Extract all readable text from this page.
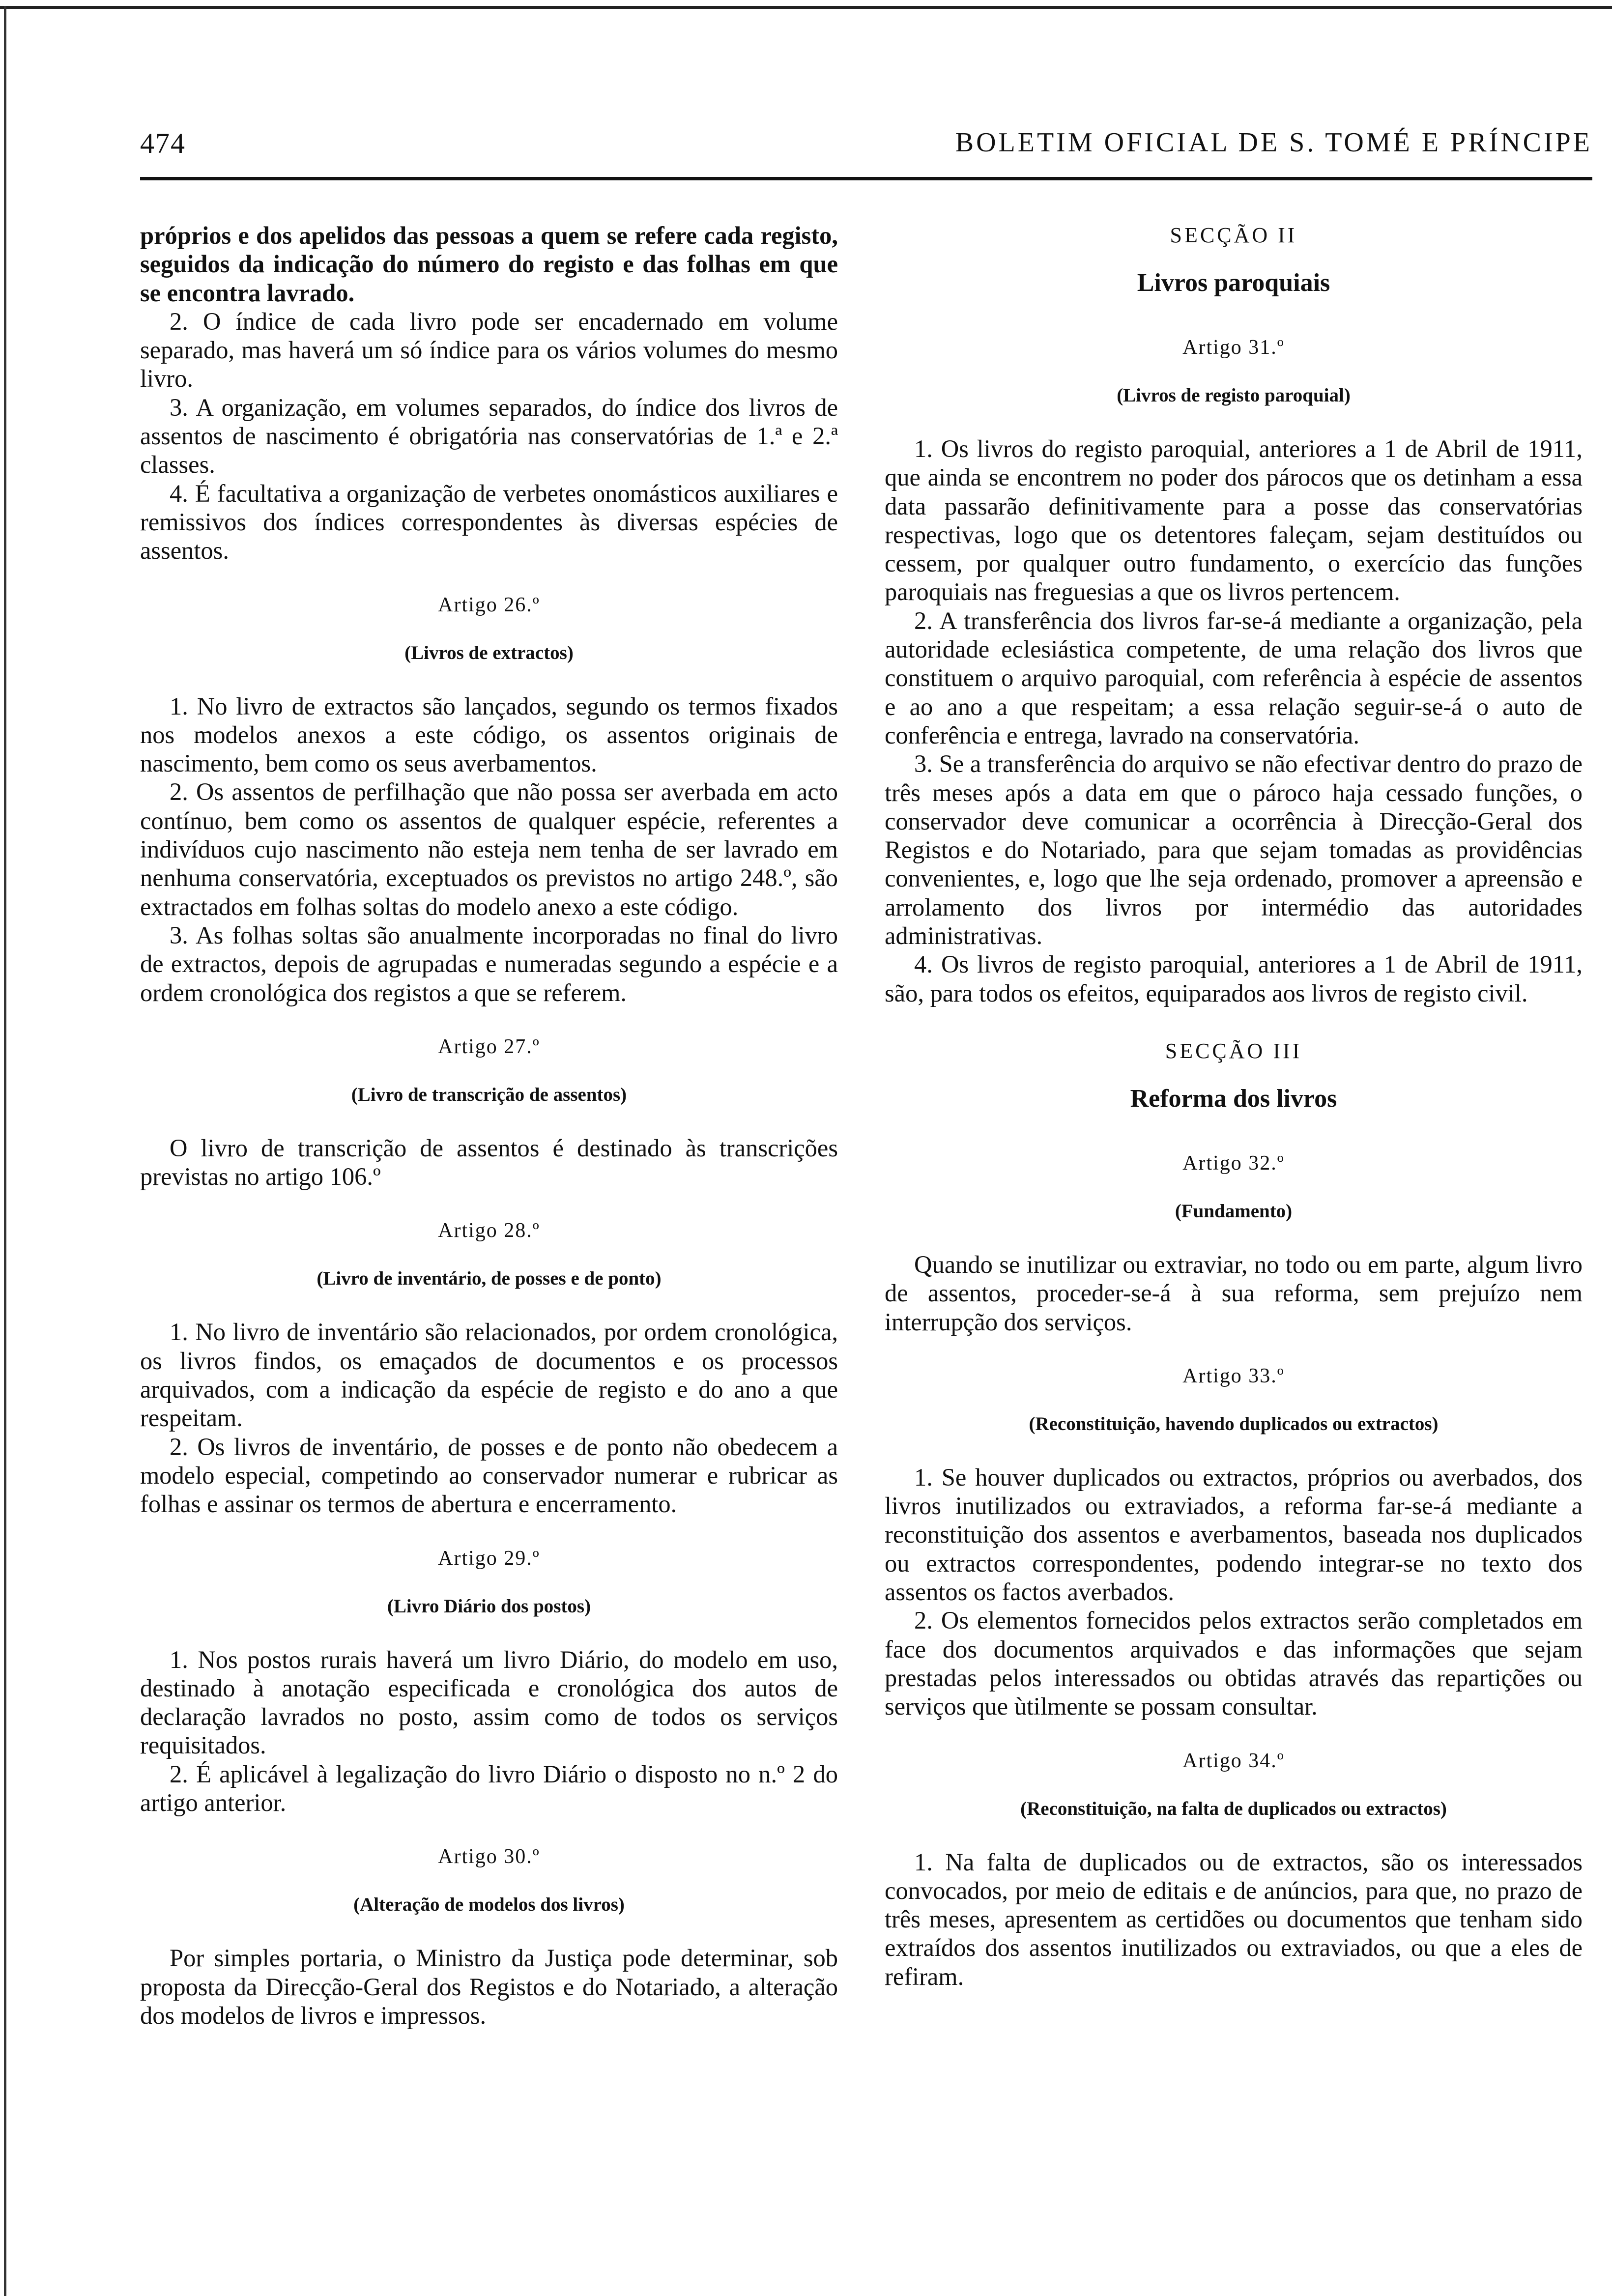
474	BOLETIM OFICIAL DE S. TOMÉ E PRÍNCIPE

próprios e dos apelidos das pessoas a quem se refere cada registo, seguidos da indicação do número do registo e das folhas em que se encontra lavrado.

2. O índice de cada livro pode ser encadernado em volume separado, mas haverá um só índice para os vários volumes do mesmo livro.

3. A organização, em volumes separados, do índice dos livros de assentos de nascimento é obrigatória nas conservatórias de 1.ª e 2.ª classes.

4. É facultativa a organização de verbetes onomásticos auxiliares e remissivos dos índices correspondentes às diversas espécies de assentos.

Artigo 26.º

(Livros de extractos)

1. No livro de extractos são lançados, segundo os termos fixados nos modelos anexos a este código, os assentos originais de nascimento, bem como os seus averbamentos.

2. Os assentos de perfilhação que não possa ser averbada em acto contínuo, bem como os assentos de qualquer espécie, referentes a indivíduos cujo nascimento não esteja nem tenha de ser lavrado em nenhuma conservatória, exceptuados os previstos no artigo 248.º, são extractados em folhas soltas do modelo anexo a este código.

3. As folhas soltas são anualmente incorporadas no final do livro de extractos, depois de agrupadas e numeradas segundo a espécie e a ordem cronológica dos registos a que se referem.

Artigo 27.º

(Livro de transcrição de assentos)

O livro de transcrição de assentos é destinado às transcrições previstas no artigo 106.º

Artigo 28.º

(Livro de inventário, de posses e de ponto)

1. No livro de inventário são relacionados, por ordem cronológica, os livros findos, os emaçados de documentos e os processos arquivados, com a indicação da espécie de registo e do ano a que respeitam.

2. Os livros de inventário, de posses e de ponto não obedecem a modelo especial, competindo ao conservador numerar e rubricar as folhas e assinar os termos de abertura e encerramento.

Artigo 29.º

(Livro Diário dos postos)

1. Nos postos rurais haverá um livro Diário, do modelo em uso, destinado à anotação especificada e cronológica dos autos de declaração lavrados no posto, assim como de todos os serviços requisitados.

2. É aplicável à legalização do livro Diário o disposto no n.º 2 do artigo anterior.

Artigo 30.º

(Alteração de modelos dos livros)

Por simples portaria, o Ministro da Justiça pode determinar, sob proposta da Direcção-Geral dos Registos e do Notariado, a alteração dos modelos de livros e impressos.

SECÇÃO II

Livros paroquiais

Artigo 31.º

(Livros de registo paroquial)

1. Os livros do registo paroquial, anteriores a 1 de Abril de 1911, que ainda se encontrem no poder dos párocos que os detinham a essa data passarão definitivamente para a posse das conservatórias respectivas, logo que os detentores faleçam, sejam destituídos ou cessem, por qualquer outro fundamento, o exercício das funções paroquiais nas freguesias a que os livros pertencem.

2. A transferência dos livros far-se-á mediante a organização, pela autoridade eclesiástica competente, de uma relação dos livros que constituem o arquivo paroquial, com referência à espécie de assentos e ao ano a que respeitam; a essa relação seguir-se-á o auto de conferência e entrega, lavrado na conservatória.

3. Se a transferência do arquivo se não efectivar dentro do prazo de três meses após a data em que o pároco haja cessado funções, o conservador deve comunicar a ocorrência à Direcção-Geral dos Registos e do Notariado, para que sejam tomadas as providências convenientes, e, logo que lhe seja ordenado, promover a apreensão e arrolamento dos livros por intermédio das autoridades administrativas.

4. Os livros de registo paroquial, anteriores a 1 de Abril de 1911, são, para todos os efeitos, equiparados aos livros de registo civil.

SECÇÃO III

Reforma dos livros

Artigo 32.º

(Fundamento)

Quando se inutilizar ou extraviar, no todo ou em parte, algum livro de assentos, proceder-se-á à sua reforma, sem prejuízo nem interrupção dos serviços.

Artigo 33.º

(Reconstituição, havendo duplicados ou extractos)

1. Se houver duplicados ou extractos, próprios ou averbados, dos livros inutilizados ou extraviados, a reforma far-se-á mediante a reconstituição dos assentos e averbamentos, baseada nos duplicados ou extractos correspondentes, podendo integrar-se no texto dos assentos os factos averbados.

2. Os elementos fornecidos pelos extractos serão completados em face dos documentos arquivados e das informações que sejam prestadas pelos interessados ou obtidas através das repartições ou serviços que ùtilmente se possam consultar.

Artigo 34.º

(Reconstituição, na falta de duplicados ou extractos)

1. Na falta de duplicados ou de extractos, são os interessados convocados, por meio de editais e de anúncios, para que, no prazo de três meses, apresentem as certidões ou documentos que tenham sido extraídos dos assentos inutilizados ou extraviados, ou que a eles de refiram.
